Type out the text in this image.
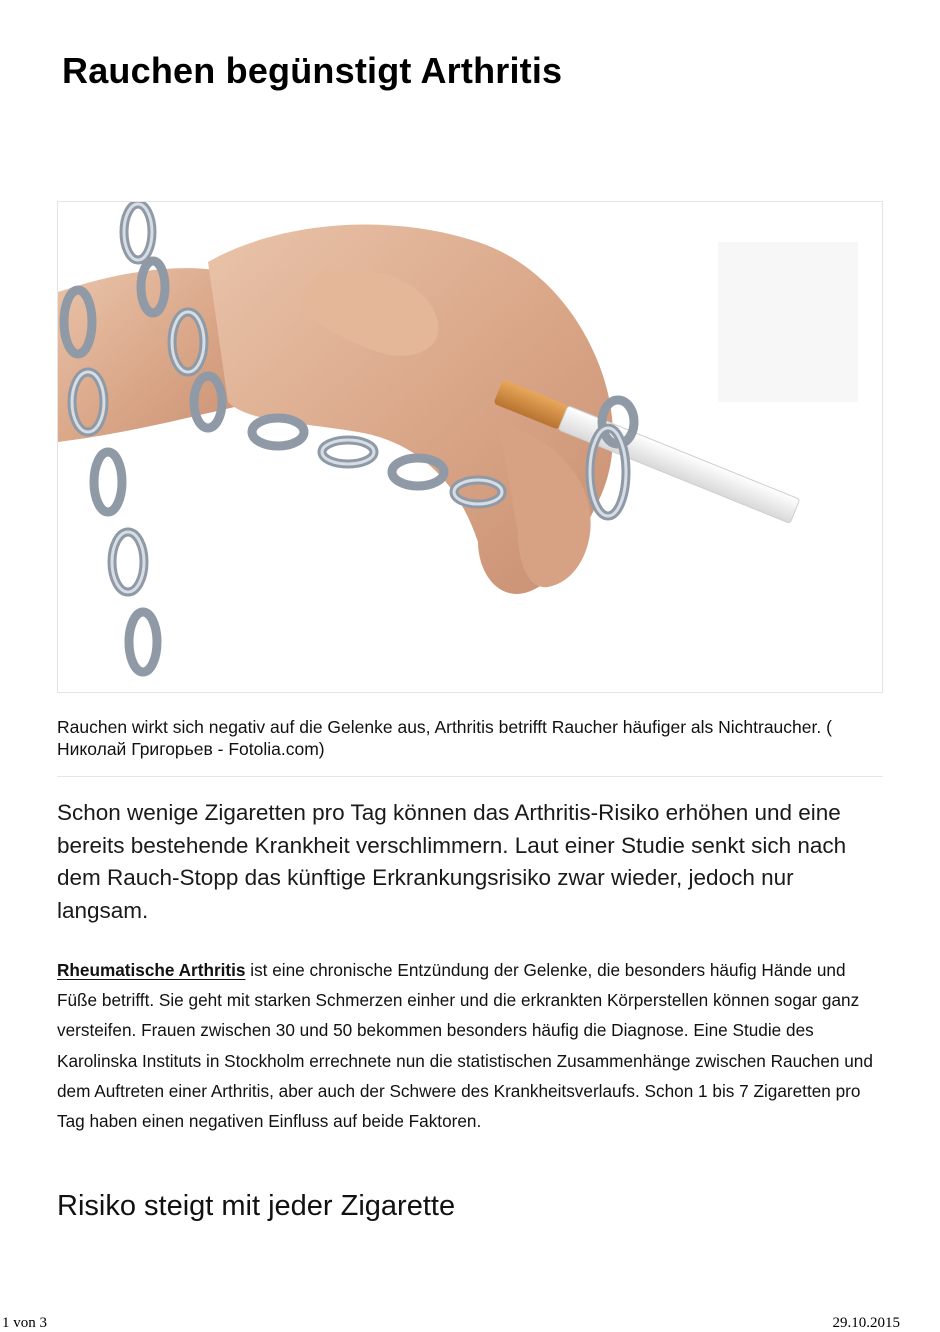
Rauchen begünstigt Arthritis

Rauchen wirkt sich negativ auf die Gelenke aus, Arthritis betrifft Raucher häufiger als Nichtraucher. ( Николай Григорьев - Fotolia.com)

Schon wenige Zigaretten pro Tag können das Arthritis-Risiko erhöhen und eine bereits bestehende Krankheit verschlimmern. Laut einer Studie senkt sich nach dem Rauch-Stopp das künftige Erkrankungsrisiko zwar wieder, jedoch nur langsam.

Rheumatische Arthritis ist eine chronische Entzündung der Gelenke, die besonders häufig Hände und Füße betrifft. Sie geht mit starken Schmerzen einher und die erkrankten Körperstellen können sogar ganz versteifen. Frauen zwischen 30 und 50 bekommen besonders häufig die Diagnose. Eine Studie des Karolinska Instituts in Stockholm errechnete nun die statistischen Zusammenhänge zwischen Rauchen und dem Auftreten einer Arthritis, aber auch der Schwere des Krankheitsverlaufs. Schon 1 bis 7 Zigaretten pro Tag haben einen negativen Einfluss auf beide Faktoren.

Risiko steigt mit jeder Zigarette
1 von 3	29.10.2015
